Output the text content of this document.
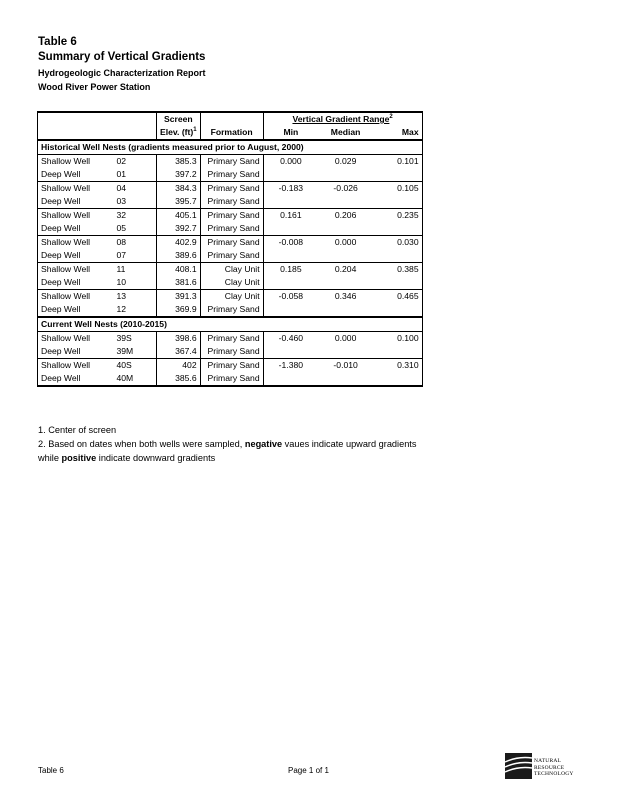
Table 6
Summary of Vertical Gradients
Hydrogeologic Characterization Report
Wood River Power Station
		Screen		Vertical Gradient Range$^2$
		Elev. (ft)$^1$	Formation	Min	Median	Max
Historical Well Nests (gradients measured prior to August, 2000)						
Shallow Well	02	385.3	Primary Sand	0.000	0.029	0.101
Deep Well	01	397.2	Primary Sand			
Shallow Well	04	384.3	Primary Sand	-0.183	-0.026	0.105
Deep Well	03	395.7	Primary Sand			
Shallow Well	32	405.1	Primary Sand	0.161	0.206	0.235
Deep Well	05	392.7	Primary Sand			
Shallow Well	08	402.9	Primary Sand	-0.008	0.000	0.030
Deep Well	07	389.6	Primary Sand			
Shallow Well	11	408.1	Clay Unit	0.185	0.204	0.385
Deep Well	10	381.6	Clay Unit			
Shallow Well	13	391.3	Clay Unit	-0.058	0.346	0.465
Deep Well	12	369.9	Primary Sand			
Current Well Nests (2010-2015)						
Shallow Well	39S	398.6	Primary Sand	-0.460	0.000	0.100
Deep Well	39M	367.4	Primary Sand			
Shallow Well	40S	402	Primary Sand	-1.380	-0.010	0.310
Deep Well	40M	385.6	Primary Sand			
1. Center of screen
2. Based on dates when both wells were sampled, negative vaues indicate upward gradients
while positive indicate downward gradients
Table 6	Page 1 of 1
NATURAL
RESOURCE
TECHNOLOGY
